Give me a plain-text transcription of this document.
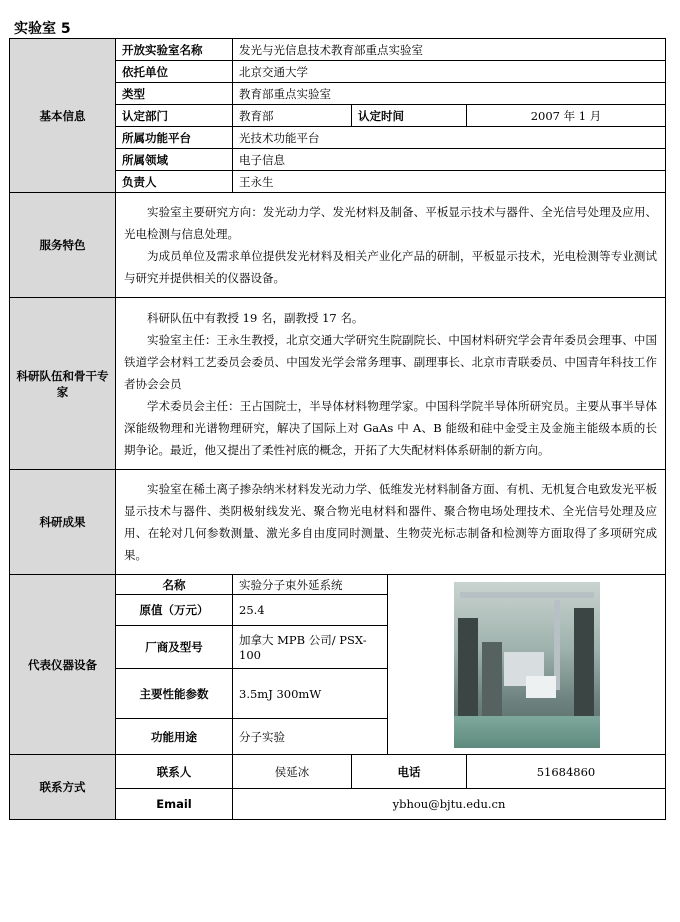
实验室 5
基本信息	开放实验室名称	发光与光信息技术教育部重点实验室			
	依托单位	北京交通大学			
	类型	教育部重点实验室			
	认定部门	教育部	认定时间		2007 年 1 月
	所属功能平台	光技术功能平台			
	所属领域	电子信息			
	负责人	王永生			
服务特色	实验室主要研究方向：发光动力学、发光材料及制备、平板显示技术与器件、全光信号处理及应用、光电检测与信息处理。

为成员单位及需求单位提供发光材料及相关产业化产品的研制，平板显示技术，光电检测等专业测试与研究并提供相关的仪器设备。				

科研队伍和骨干专家	科研队伍中有教授 19 名，副教授 17 名。

实验室主任：王永生教授，北京交通大学研究生院副院长、中国材料研究学会青年委员会理事、中国铁道学会材料工艺委员会委员、中国发光学会常务理事、副理事长、北京市青联委员、中国青年科技工作者协会会员

学术委员会主任：王占国院士，半导体材料物理学家。中国科学院半导体所研究员。主要从事半导体深能级物理和光谱物理研究，解决了国际上对 GaAs 中 A、B 能级和硅中金受主及金施主能级本质的长期争论。最近，他又提出了柔性衬底的概念，开拓了大失配材料体系研制的新方向。				

科研成果	实验室在稀土离子掺杂纳米材料发光动力学、低维发光材料制备方面、有机、无机复合电致发光平板显示技术与器件、类阴极射线发光、聚合物光电材料和器件、聚合物电场处理技术、全光信号处理及应用、在轮对几何参数测量、激光多自由度同时测量、生物荧光标志制备和检测等方面取得了多项研究成果。				

代表仪器设备	名称	实验分子束外延系统			

	原值（万元）	25.4			
	厂商及型号	加拿大 MPB 公司/ PSX-100			
	主要性能参数	3.5mJ 300mW			
	功能用途	分子实验			
联系方式	联系人	侯延冰	电话		51684860
	Email	ybhou@bjtu.edu.cn			
